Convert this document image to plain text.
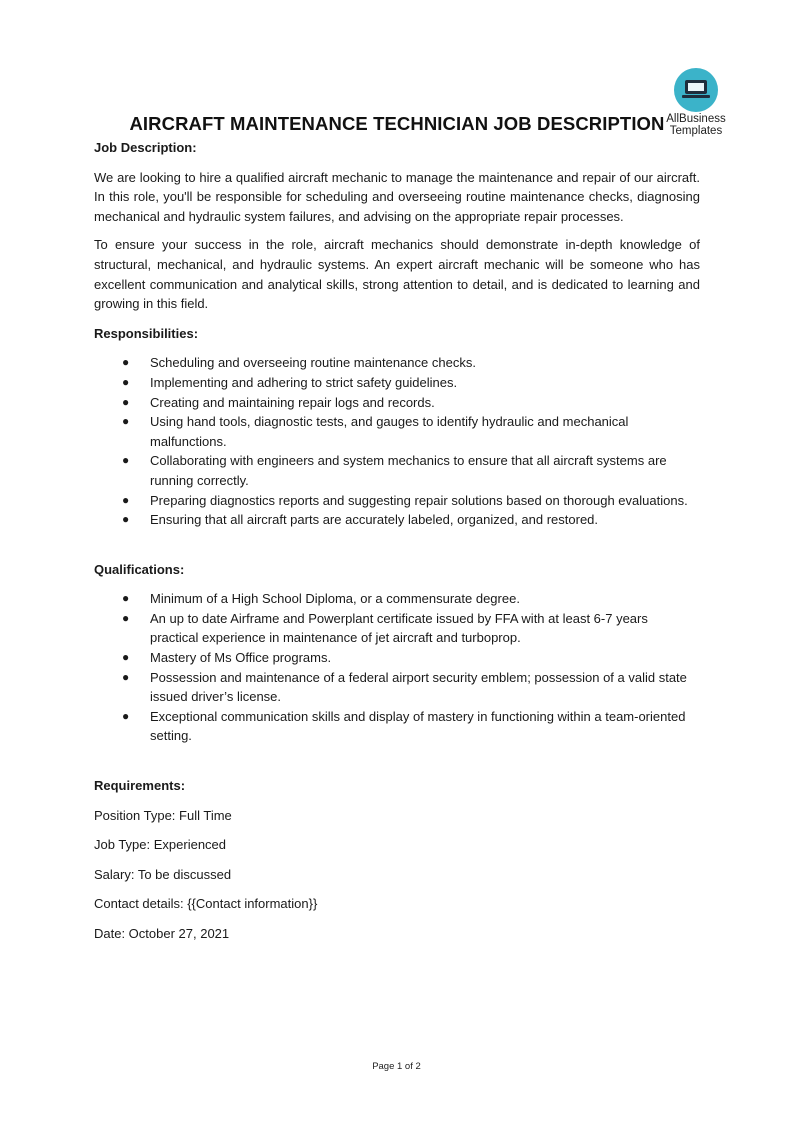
AllBusiness
Templates
AIRCRAFT MAINTENANCE TECHNICIAN JOB DESCRIPTION

Job Description:

We are looking to hire a qualified aircraft mechanic to manage the maintenance and repair of our aircraft. In this role, you'll be responsible for scheduling and overseeing routine maintenance checks, diagnosing mechanical and hydraulic system failures, and advising on the appropriate repair processes.

To ensure your success in the role, aircraft mechanics should demonstrate in-depth knowledge of structural, mechanical, and hydraulic systems. An expert aircraft mechanic will be someone who has excellent communication and analytical skills, strong attention to detail, and is dedicated to learning and growing in this field.

Responsibilities:

● Scheduling and overseeing routine maintenance checks.
● Implementing and adhering to strict safety guidelines.
● Creating and maintaining repair logs and records.
● Using hand tools, diagnostic tests, and gauges to identify hydraulic and mechanical malfunctions.
● Collaborating with engineers and system mechanics to ensure that all aircraft systems are running correctly.
● Preparing diagnostics reports and suggesting repair solutions based on thorough evaluations.
● Ensuring that all aircraft parts are accurately labeled, organized, and restored.

Qualifications:

● Minimum of a High School Diploma, or a commensurate degree.
● An up to date Airframe and Powerplant certificate issued by FFA with at least 6-7 years practical experience in maintenance of jet aircraft and turboprop.
● Mastery of Ms Office programs.
● Possession and maintenance of a federal airport security emblem; possession of a valid state issued driver’s license.
● Exceptional communication skills and display of mastery in functioning within a team-oriented setting.

Requirements:

Position Type: Full Time

Job Type: Experienced

Salary: To be discussed

Contact details: {{Contact information}}

Date: October 27, 2021

Page 1 of 2
